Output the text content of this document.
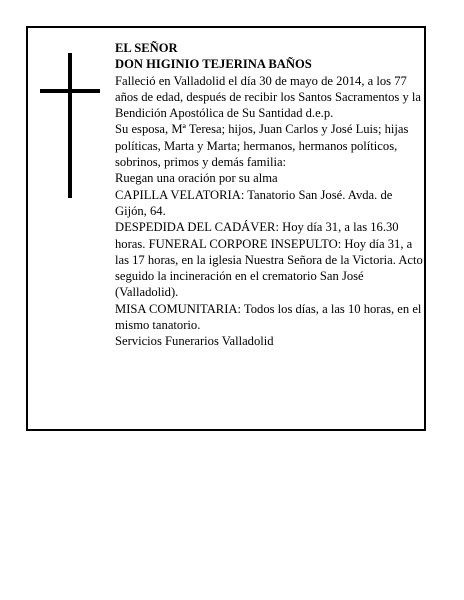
EL SEÑOR

DON HIGINIO TEJERINA BAÑOS

Falleció en Valladolid el día 30 de mayo de 2014, a los 77 años de edad, después de recibir los Santos Sacramentos y la Bendición Apostólica de Su Santidad d.e.p.

Su esposa, Mª Teresa; hijos, Juan Carlos y José Luis; hijas políticas, Marta y Marta; hermanos, hermanos políticos, sobrinos, primos y demás familia:

Ruegan una oración por su alma

CAPILLA VELATORIA: Tanatorio San José. Avda. de Gijón, 64.

DESPEDIDA DEL CADÁVER: Hoy día 31, a las 16.30 horas. FUNERAL CORPORE INSEPULTO: Hoy día 31, a las 17 horas, en la iglesia Nuestra Señora de la Victoria. Acto seguido la incineración en el crematorio San José (Valladolid).

MISA COMUNITARIA: Todos los días, a las 10 horas, en el mismo tanatorio.

Servicios Funerarios Valladolid
